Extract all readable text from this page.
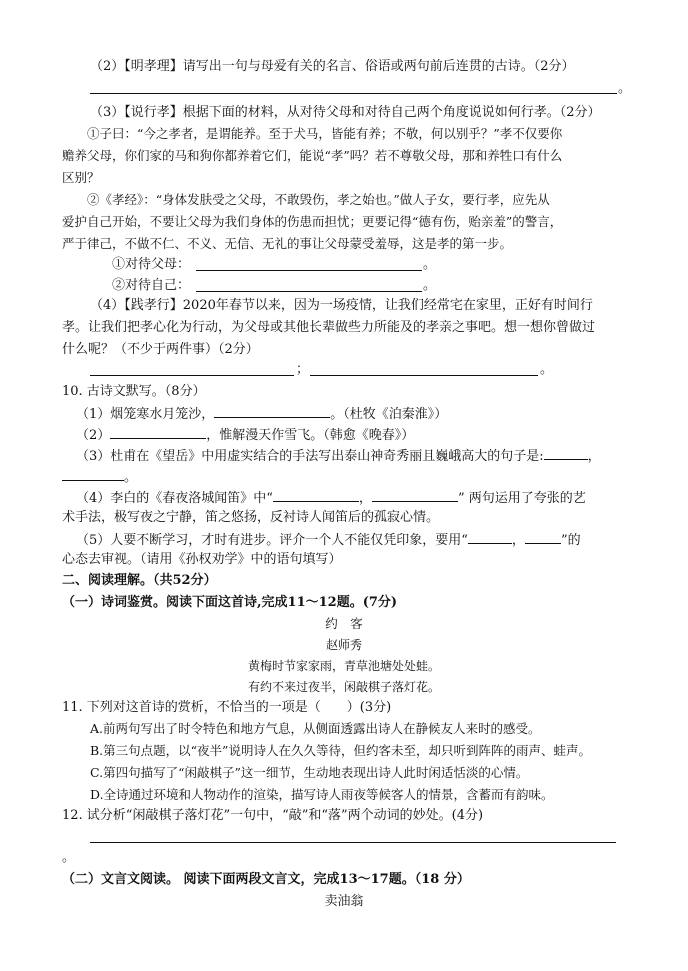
（2）【明孝理】请写出一句与母爱有关的名言、俗语或两句前后连贯的古诗。（2分）
。
（3）【说行孝】根据下面的材料，从对待父母和对待自己两个角度说说如何行孝。（2分）
①子曰：“今之孝者，是谓能养。至于犬马，皆能有养；不敬，何以别乎？”孝不仅要你
赡养父母，你们家的马和狗你都养着它们，能说“孝”吗？若不尊敬父母，那和养牲口有什么
区别？
②《孝经》：“身体发肤受之父母，不敢毁伤，孝之始也。”做人子女，要行孝，应先从
爱护自己开始，不要让父母为我们身体的伤患而担忧；更要记得“德有伤，贻亲羞”的警言，
严于律己，不做不仁、不义、无信、无礼的事让父母蒙受羞辱，这是孝的第一步。
①对待父母：	。
②对待自己：	。
（4）【践孝行】2020年春节以来，因为一场疫情，让我们经常宅在家里，正好有时间行
孝。让我们把孝心化为行动，为父母或其他长辈做些力所能及的孝亲之事吧。想一想你曾做过
什么呢？（不少于两件事）（2分）
；	。
10. 古诗文默写。（8分）
（1）烟笼寒水月笼沙，	。（杜牧《泊秦淮》）
（2）	，惟解漫天作雪飞。（韩愈《晚春》）
（3）杜甫在《望岳》中用虚实结合的手法写出泰山神奇秀丽且巍峨高大的句子是:	，
。
（4）李白的《春夜洛城闻笛》中“	，	” 两句运用了夸张的艺
术手法，极写夜之宁静，笛之悠扬，反衬诗人闻笛后的孤寂心情。
（5）人要不断学习，才时有进步。评介一个人不能仅凭印象，要用“	，	”的
心态去审视。（请用《孙权劝学》中的语句填写）
二、阅读理解。（共52分）
（一）诗词鉴赏。阅读下面这首诗,完成11～12题。(7分)
约　客
赵师秀
黄梅时节家家雨，青草池塘处处蛙。
有约不来过夜半，闲敲棋子落灯花。
11. 下列对这首诗的赏析，不恰当的一项是（　　）(3分)
A.前两句写出了时令特色和地方气息，从侧面透露出诗人在静候友人来时的感受。
B.第三句点题，以“夜半”说明诗人在久久等待，但约客未至，却只听到阵阵的雨声、蛙声。
C.第四句描写了“闲敲棋子”这一细节，生动地表现出诗人此时闲适恬淡的心情。
D.全诗通过环境和人物动作的渲染，描写诗人雨夜等候客人的情景，含蓄而有韵味。
12. 试分析“闲敲棋子落灯花”一句中，“敲”和“落”两个动词的妙处。(4分)
。
（二）文言文阅读。 阅读下面两段文言文，完成13～17题。（18 分）
卖油翁
